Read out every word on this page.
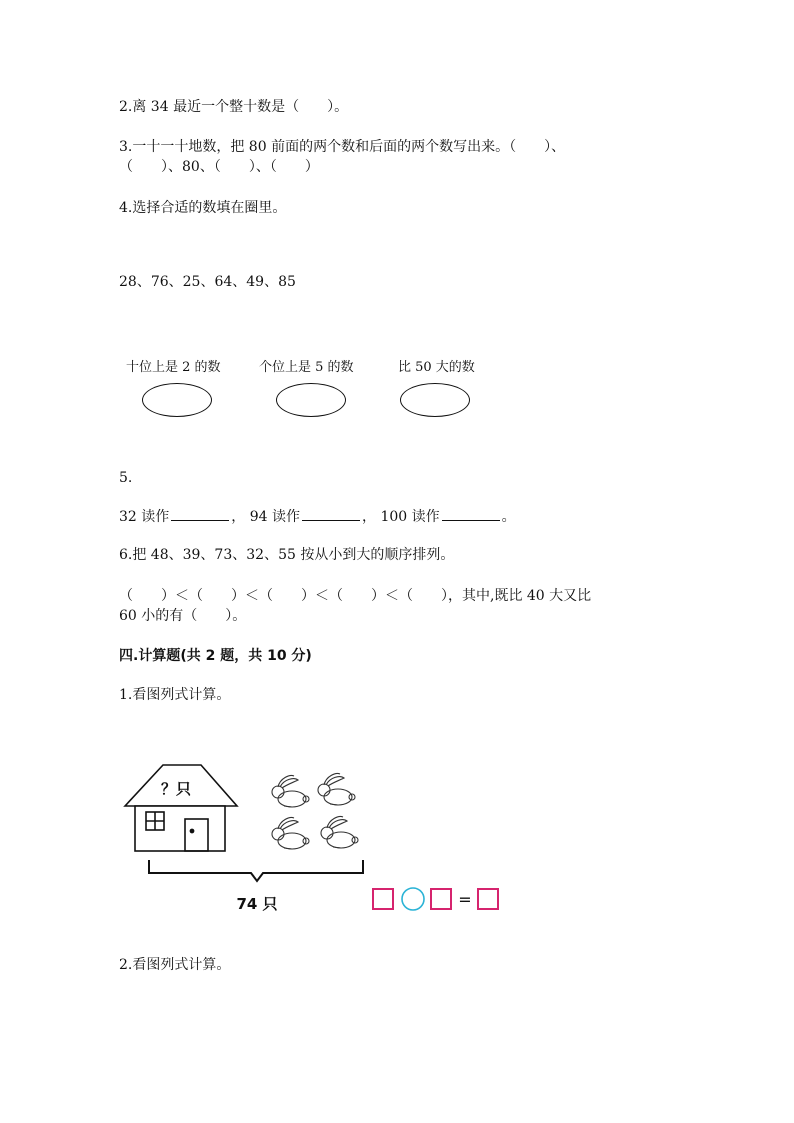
2.离 34 最近一个整十数是（　　）。
3.一十一十地数，把 80 前面的两个数和后面的两个数写出来。（　　）、
（　　）、80、（　　）、（　　）
4.选择合适的数填在圈里。
28、76、25、64、49、85
十位上是 2 的数	个位上是 5 的数	比 50 大的数
5.
32 读作	， 94 读作	， 100 读作	。
6.把 48、39、73、32、55 按从小到大的顺序排列。
（　　）＜（　　）＜（　　）＜（　　）＜（　　），其中,既比 40 大又比
60 小的有（　　）。
四.计算题(共 2 题，共 10 分)
1.看图列式计算。
？只
74 只	=
2.看图列式计算。
